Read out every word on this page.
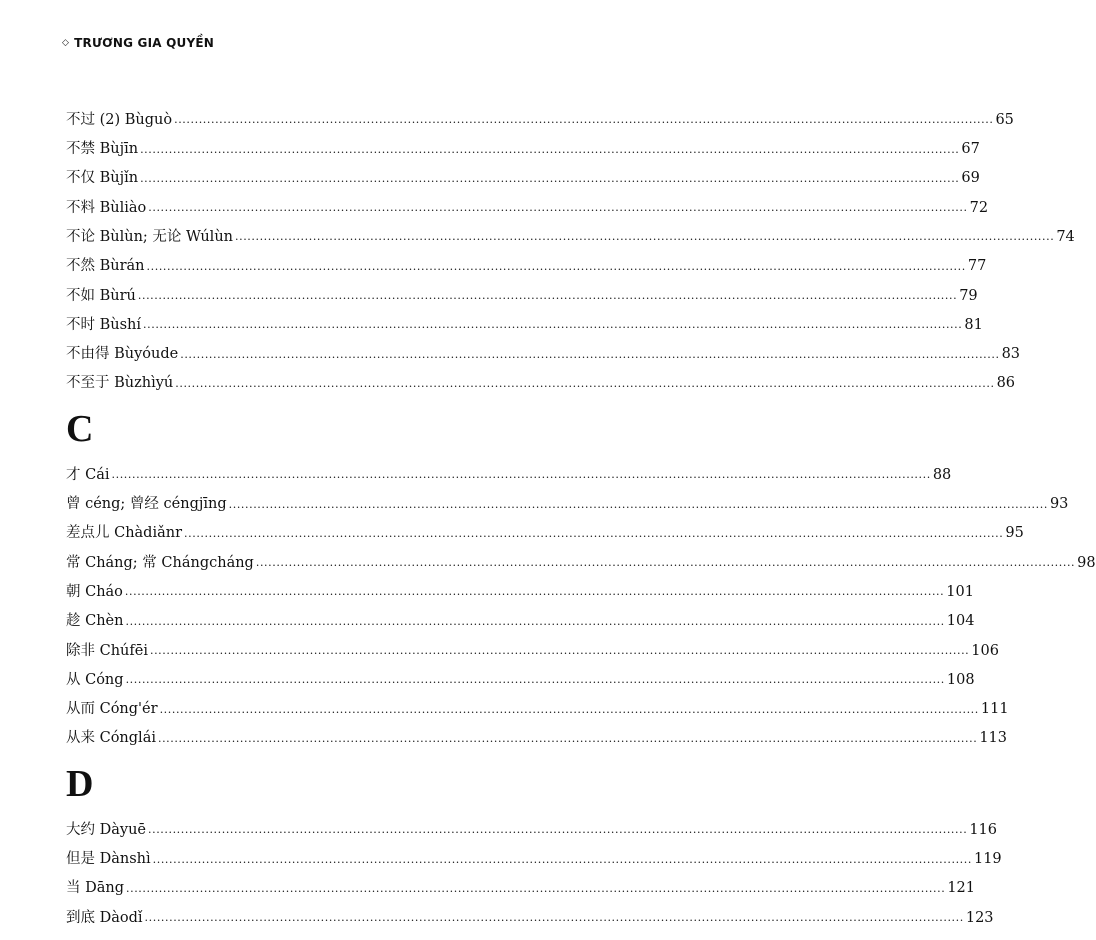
◇ TRƯƠNG GIA QUYỀN
不过 (2) Bùguò ........................................................................................................................................................................................................ 65
不禁 Bùjīn ........................................................................................................................................................................................................ 67
不仅 Bùjǐn ........................................................................................................................................................................................................ 69
不料 Bùliào ........................................................................................................................................................................................................ 72
不论 Bùlùn; 无论 Wúlùn ........................................................................................................................................................................................................ 74
不然 Bùrán ........................................................................................................................................................................................................ 77
不如 Bùrú ........................................................................................................................................................................................................ 79
不时 Bùshí ........................................................................................................................................................................................................ 81
不由得 Bùyóude ........................................................................................................................................................................................................ 83
不至于 Bùzhìyú ........................................................................................................................................................................................................ 86
C
才 Cái ........................................................................................................................................................................................................ 88
曾 céng; 曾经 céngjīng ........................................................................................................................................................................................................ 93
差点儿 Chàdiǎnr ........................................................................................................................................................................................................ 95
常 Cháng; 常 Chángcháng ........................................................................................................................................................................................................ 98
朝 Cháo ........................................................................................................................................................................................................ 101
趁 Chèn ........................................................................................................................................................................................................ 104
除非 Chúfēi ........................................................................................................................................................................................................ 106
从 Cóng ........................................................................................................................................................................................................ 108
从而 Cóng'ér ........................................................................................................................................................................................................ 111
从来 Cónglái ........................................................................................................................................................................................................ 113
D
大约 Dàyuē ........................................................................................................................................................................................................ 116
但是 Dànshì ........................................................................................................................................................................................................ 119
当 Dāng ........................................................................................................................................................................................................ 121
到底 Dàodǐ ........................................................................................................................................................................................................ 123
